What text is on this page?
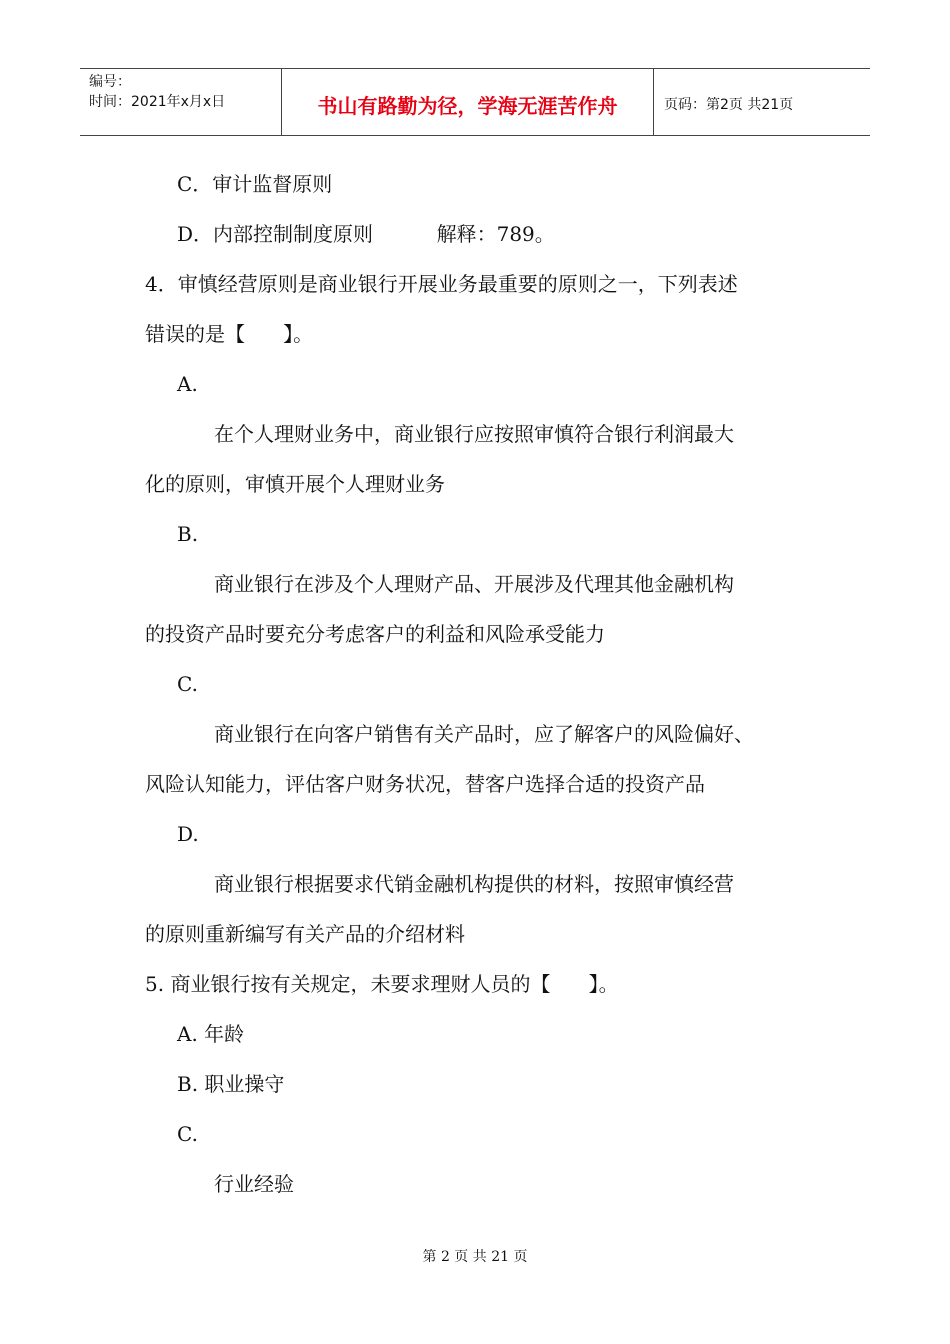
编号：
时间：2021年x月x日	书山有路勤为径，学海无涯苦作舟	页码：第2页 共21页
C．审计监督原则
D．内部控制制度原则          解释：789。
4．审慎经营原则是商业银行开展业务最重要的原则之一，下列表述
错误的是【      】。
A.
在个人理财业务中，商业银行应按照审慎符合银行利润最大
化的原则，审慎开展个人理财业务
B.
商业银行在涉及个人理财产品、开展涉及代理其他金融机构
的投资产品时要充分考虑客户的利益和风险承受能力
C.
商业银行在向客户销售有关产品时，应了解客户的风险偏好、
风险认知能力，评估客户财务状况，替客户选择合适的投资产品
D.
商业银行根据要求代销金融机构提供的材料，按照审慎经营
的原则重新编写有关产品的介绍材料
5. 商业银行按有关规定，未要求理财人员的【      】。
A. 年龄
B. 职业操守
C.
行业经验
第 2 页 共 21 页
